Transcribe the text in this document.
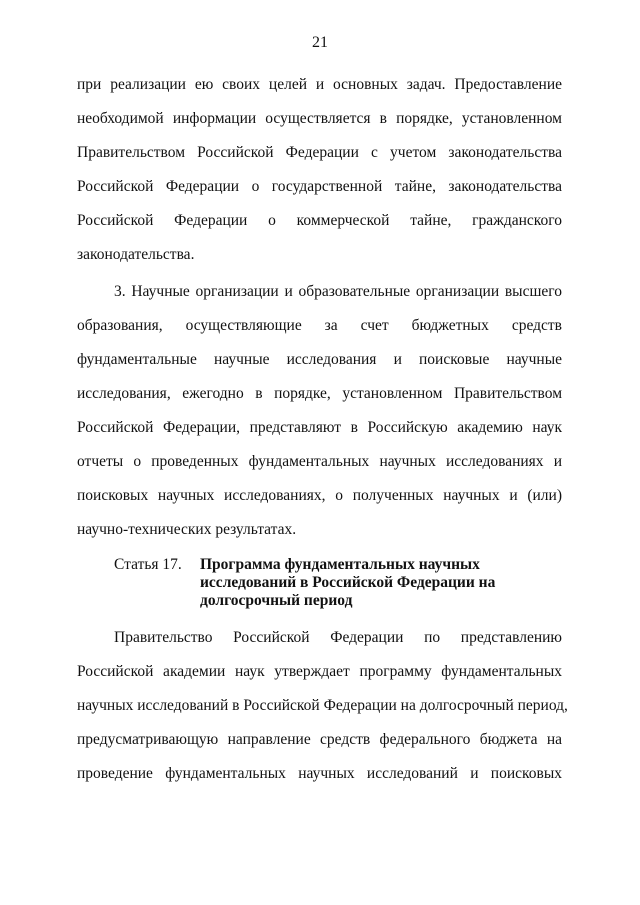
21
при реализации ею своих целей и основных задач. Предоставление
необходимой информации осуществляется в порядке, установленном
Правительством Российской Федерации с учетом законодательства
Российской Федерации о государственной тайне, законодательства
Российской Федерации о коммерческой тайне, гражданского
законодательства.
3. Научные организации и образовательные организации высшего
образования, осуществляющие за счет бюджетных средств
фундаментальные научные исследования и поисковые научные
исследования, ежегодно в порядке, установленном Правительством
Российской Федерации, представляют в Российскую академию наук
отчеты о проведенных фундаментальных научных исследованиях и
поисковых научных исследованиях, о полученных научных и (или)
научно-технических результатах.
Статья 17. Программа фундаментальных научных
исследований в Российской Федерации на
долгосрочный период
Правительство Российской Федерации по представлению
Российской академии наук утверждает программу фундаментальных
научных исследований в Российской Федерации на долгосрочный период,
предусматривающую направление средств федерального бюджета на
проведение фундаментальных научных исследований и поисковых
